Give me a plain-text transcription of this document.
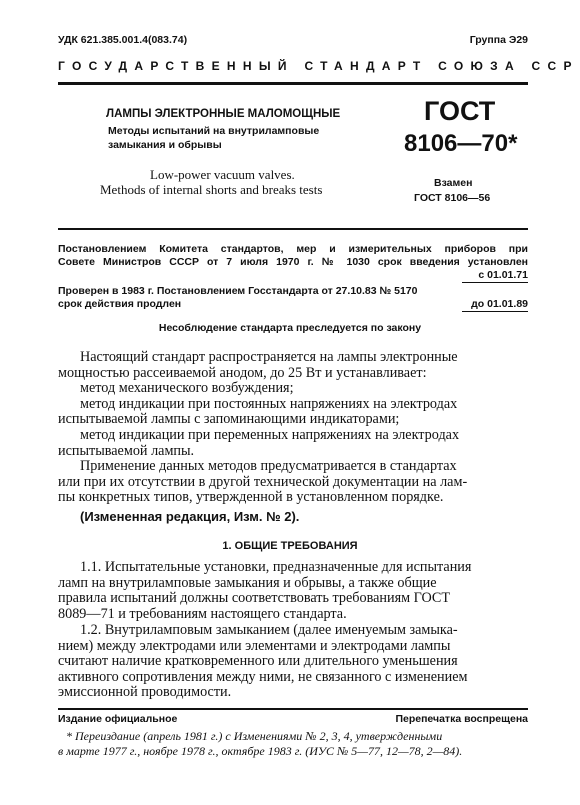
УДК 621.385.001.4(083.74)	Группа Э29
ГОСУДАРСТВЕННЫЙ СТАНДАРТ СОЮЗА ССР
ЛАМПЫ ЭЛЕКТРОННЫЕ МАЛОМОЩНЫЕ
Методы испытаний на внутриламповые
замыкания и обрывы
Low-power vacuum valves.
Methods of internal shorts and breaks tests
ГОСТ
8106—70*
Взамен
ГОСТ 8106—56
Постановлением Комитета стандартов, мер и измерительных приборов при
Совете Министров СССР от 7 июля 1970 г. № 1030 срок введения установлен
с 01.01.71
Проверен в 1983 г. Постановлением Госстандарта от 27.10.83 № 5170
срок действия продлен	до 01.01.89
Несоблюдение стандарта преследуется по закону

Настоящий стандарт распространяется на лампы электронные

мощностью рассеиваемой анодом, до 25 Вт и устанавливает:

метод механического возбуждения;

метод индикации при постоянных напряжениях на электродах

испытываемой лампы с запоминающими индикаторами;

метод индикации при переменных напряжениях на электродах

испытываемой лампы.

Применение данных методов предусматривается в стандартах

или при их отсутствии в другой технической документации на лам-

пы конкретных типов, утвержденной в установленном порядке.

(Измененная редакция, Изм. № 2).
1. ОБЩИЕ ТРЕБОВАНИЯ

1.1. Испытательные установки, предназначенные для испытания

ламп на внутриламповые замыкания и обрывы, а также общие

правила испытаний должны соответствовать требованиям ГОСТ

8089—71 и требованиям настоящего стандарта.

1.2. Внутриламповым замыканием (далее именуемым замыка-

нием) между электродами или элементами и электродами лампы

считают наличие кратковременного или длительного уменьшения

активного сопротивления между ними, не связанного с изменением

эмиссионной проводимости.

Издание официальное	Перепечатка воспрещена
* Переиздание (апрель 1981 г.) с Изменениями № 2, 3, 4, утвержденными
в марте 1977 г., ноябре 1978 г., октябре 1983 г. (ИУС № 5—77, 12—78, 2—84).
